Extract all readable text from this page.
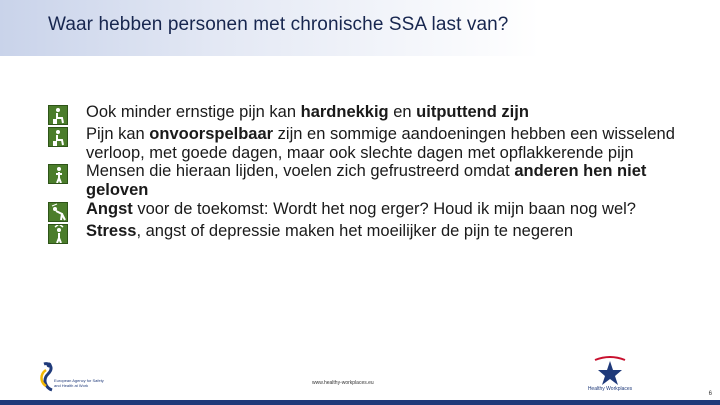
Waar hebben personen met chronische SSA last van?
Ook minder ernstige pijn kan hardnekkig en uitputtend zijn
Pijn kan onvoorspelbaar zijn en sommige aandoeningen hebben een wisselend verloop, met goede dagen, maar ook slechte dagen met opflakkerende pijn
Mensen die hieraan lijden, voelen zich gefrustreerd omdat anderen hen niet geloven
Angst voor de toekomst: Wordt het nog erger? Houd ik mijn baan nog wel?
Stress, angst of depressie maken het moeilijker de pijn te negeren
European Agency for Safety and Health at Work	www.healthy-workplaces.eu
Healthy Workplaces
6
